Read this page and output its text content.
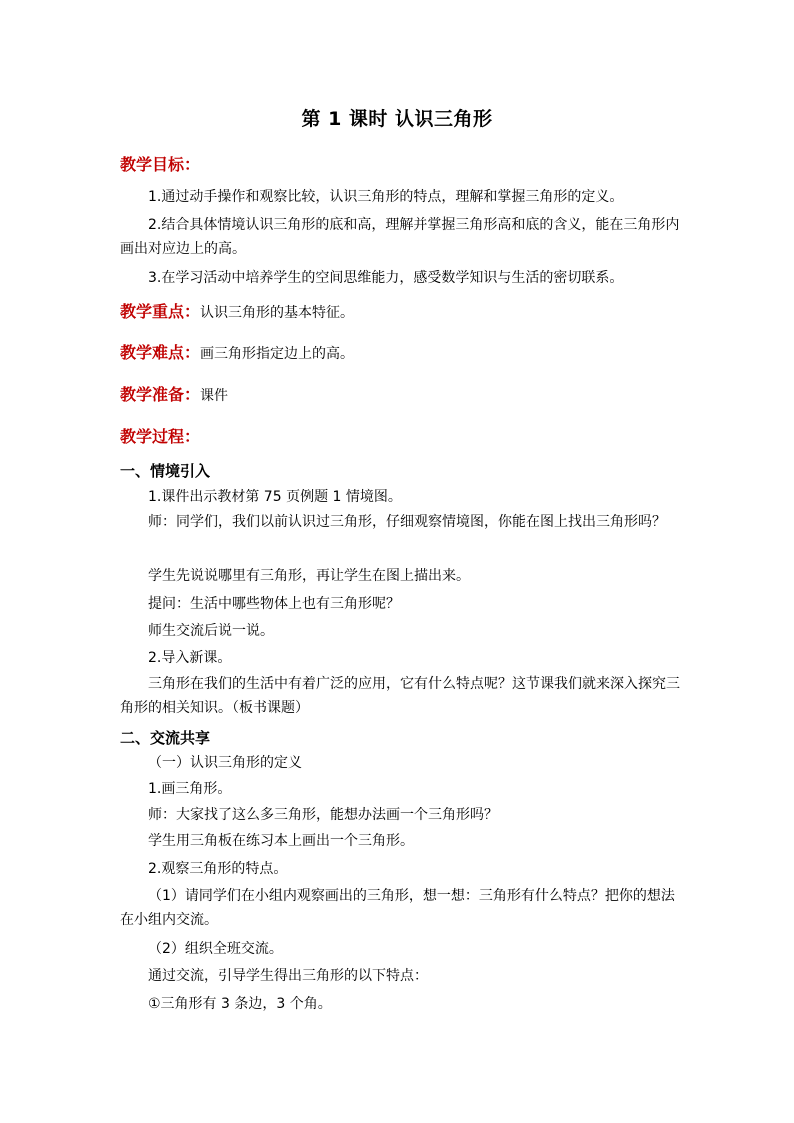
第 1 课时 认识三角形
教学目标：
1.通过动手操作和观察比较，认识三角形的特点，理解和掌握三角形的定义。
2.结合具体情境认识三角形的底和高，理解并掌握三角形高和底的含义，能在三角形内画出对应边上的高。
3.在学习活动中培养学生的空间思维能力，感受数学知识与生活的密切联系。
教学重点：认识三角形的基本特征。
教学难点：画三角形指定边上的高。
教学准备：课件
教学过程：
一、情境引入
1.课件出示教材第 75 页例题 1 情境图。
师：同学们，我们以前认识过三角形，仔细观察情境图，你能在图上找出三角形吗？
学生先说说哪里有三角形，再让学生在图上描出来。
提问：生活中哪些物体上也有三角形呢？
师生交流后说一说。
2.导入新课。
三角形在我们的生活中有着广泛的应用，它有什么特点呢？这节课我们就来深入探究三角形的相关知识。（板书课题）
二、交流共享
（一）认识三角形的定义
1.画三角形。
师：大家找了这么多三角形，能想办法画一个三角形吗？
学生用三角板在练习本上画出一个三角形。
2.观察三角形的特点。
（1）请同学们在小组内观察画出的三角形，想一想：三角形有什么特点？把你的想法在小组内交流。
（2）组织全班交流。
通过交流，引导学生得出三角形的以下特点：
①三角形有 3 条边，3 个角。
